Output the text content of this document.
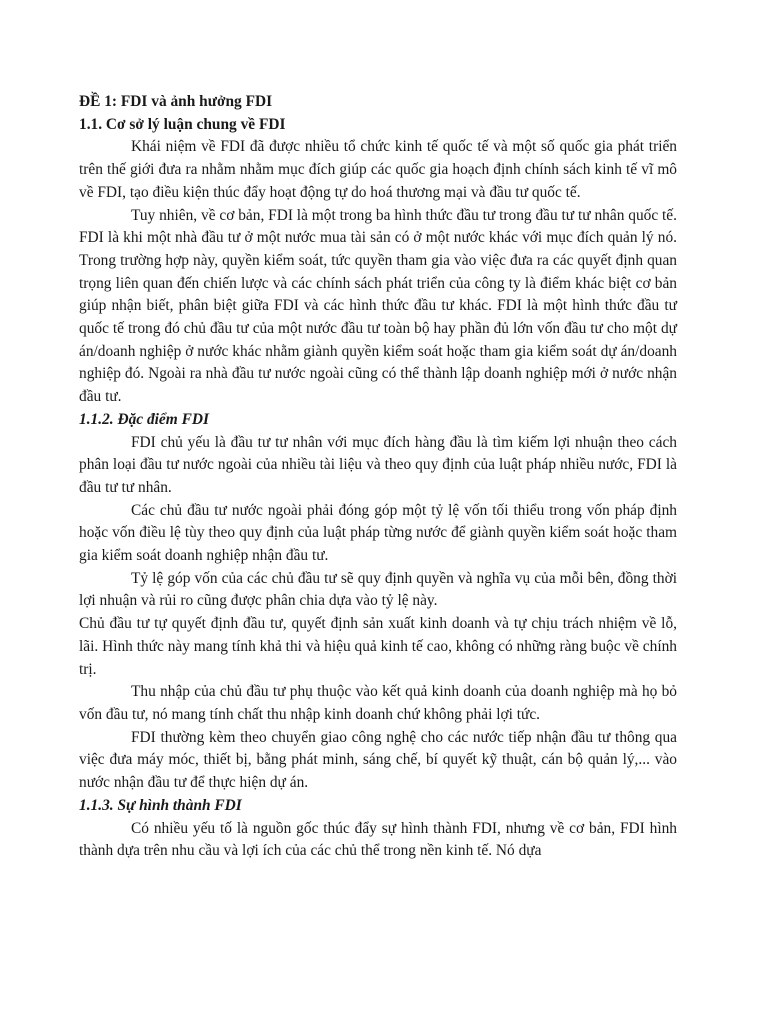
ĐỀ 1: FDI và ảnh hưởng FDI

1.1. Cơ sở lý luận chung về FDI

Khái niệm về FDI đã được nhiều tổ chức kinh tế quốc tế và một số quốc gia phát triển trên thế giới đưa ra nhằm nhằm mục đích giúp các quốc gia hoạch định chính sách kinh tế vĩ mô về FDI, tạo điều kiện thúc đẩy hoạt động tự do hoá thương mại và đầu tư quốc tế.

Tuy nhiên, về cơ bản, FDI là một trong ba hình thức đầu tư trong đầu tư tư nhân quốc tế. FDI là khi một nhà đầu tư ở một nước mua tài sản có ở một nước khác với mục đích quản lý nó. Trong trường hợp này, quyền kiểm soát, tức quyền tham gia vào việc đưa ra các quyết định quan trọng liên quan đến chiến lược và các chính sách phát triển của công ty là điểm khác biệt cơ bản giúp nhận biết, phân biệt giữa FDI và các hình thức đầu tư khác. FDI là một hình thức đầu tư quốc tế trong đó chủ đầu tư của một nước đầu tư toàn bộ hay phần đủ lớn vốn đầu tư cho một dự án/doanh nghiệp ở nước khác nhằm giành quyền kiểm soát hoặc tham gia kiểm soát dự án/doanh nghiệp đó. Ngoài ra nhà đầu tư nước ngoài cũng có thể thành lập doanh nghiệp mới ở nước nhận đầu tư.

1.1.2. Đặc điểm FDI

FDI chủ yếu là đầu tư tư nhân với mục đích hàng đầu là tìm kiếm lợi nhuận theo cách phân loại đầu tư nước ngoài của nhiều tài liệu và theo quy định của luật pháp nhiều nước, FDI là đầu tư tư nhân.

Các chủ đầu tư nước ngoài phải đóng góp một tỷ lệ vốn tối thiểu trong vốn pháp định hoặc vốn điều lệ tùy theo quy định của luật pháp từng nước để giành quyền kiểm soát hoặc tham gia kiểm soát doanh nghiệp nhận đầu tư.

Tỷ lệ góp vốn của các chủ đầu tư sẽ quy định quyền và nghĩa vụ của mỗi bên, đồng thời lợi nhuận và rủi ro cũng được phân chia dựa vào tỷ lệ này.

Chủ đầu tư tự quyết định đầu tư, quyết định sản xuất kinh doanh và tự chịu trách nhiệm về lỗ, lãi. Hình thức này mang tính khả thi và hiệu quả kinh tế cao, không có những ràng buộc về chính trị.

Thu nhập của chủ đầu tư phụ thuộc vào kết quả kinh doanh của doanh nghiệp mà họ bỏ vốn đầu tư, nó mang tính chất thu nhập kinh doanh chứ không phải lợi tức.

FDI thường kèm theo chuyển giao công nghệ cho các nước tiếp nhận đầu tư thông qua việc đưa máy móc, thiết bị, bằng phát minh, sáng chế, bí quyết kỹ thuật, cán bộ quản lý,... vào nước nhận đầu tư để thực hiện dự án.

1.1.3. Sự hình thành FDI

Có nhiều yếu tố là nguồn gốc thúc đẩy sự hình thành FDI, nhưng về cơ bản, FDI hình thành dựa trên nhu cầu và lợi ích của các chủ thể trong nền kinh tế. Nó dựa
